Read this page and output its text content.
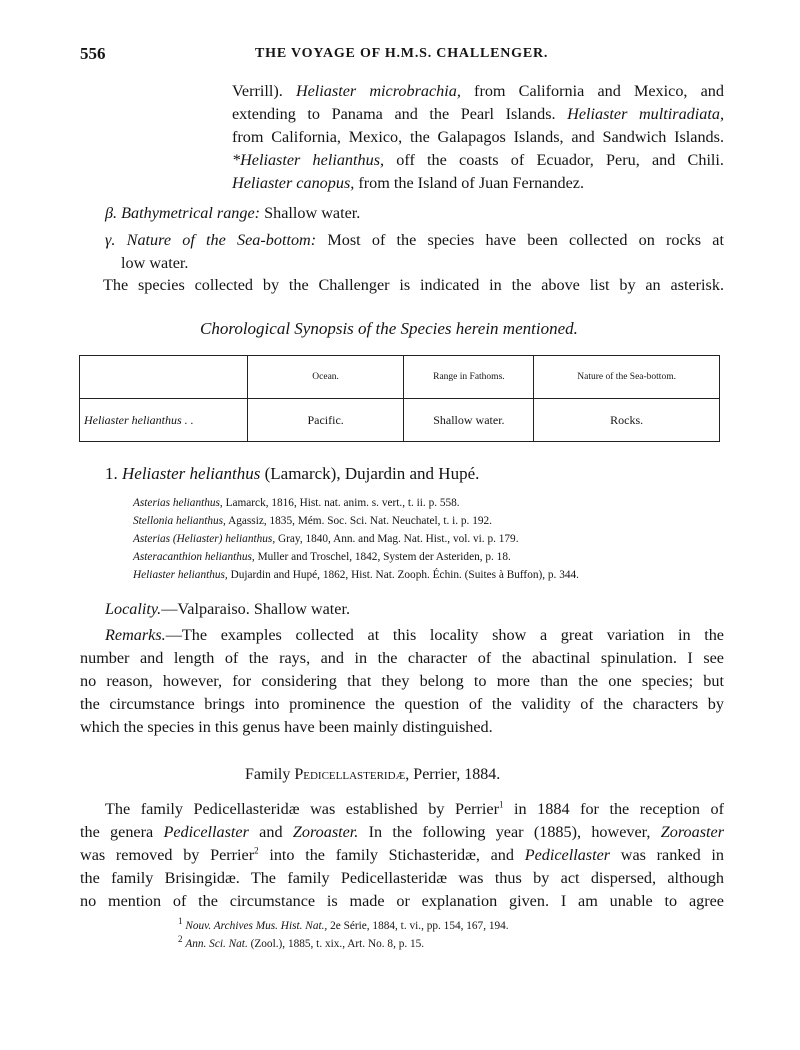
556	THE VOYAGE OF H.M.S. CHALLENGER.
Verrill). Heliaster microbrachia, from California and Mexico, and
extending to Panama and the Pearl Islands. Heliaster multiradiata,
from California, Mexico, the Galapagos Islands, and Sandwich Islands.
*Heliaster helianthus, off the coasts of Ecuador, Peru, and Chili.
Heliaster canopus, from the Island of Juan Fernandez.
β. Bathymetrical range: Shallow water.
γ. Nature of the Sea-bottom: Most of the species have been collected on rocks at
low water.
The species collected by the Challenger is indicated in the above list by an asterisk.
Chorological Synopsis of the Species herein mentioned.
	Ocean.	Range in Fathoms.	Nature of the Sea-bottom.
Heliaster helianthus . .	Pacific.	Shallow water.	Rocks.
1. Heliaster helianthus (Lamarck), Dujardin and Hupé.
Asterias helianthus, Lamarck, 1816, Hist. nat. anim. s. vert., t. ii. p. 558.
Stellonia helianthus, Agassiz, 1835, Mém. Soc. Sci. Nat. Neuchatel, t. i. p. 192.
Asterias (Heliaster) helianthus, Gray, 1840, Ann. and Mag. Nat. Hist., vol. vi. p. 179.
Asteracanthion helianthus, Muller and Troschel, 1842, System der Asteriden, p. 18.
Heliaster helianthus, Dujardin and Hupé, 1862, Hist. Nat. Zooph. Échin. (Suites à Buffon), p. 344.
Locality.—Valparaiso. Shallow water.
Remarks.—The examples collected at this locality show a great variation in the
number and length of the rays, and in the character of the abactinal spinulation. I see
no reason, however, for considering that they belong to more than the one species; but
the circumstance brings into prominence the question of the validity of the characters by
which the species in this genus have been mainly distinguished.
Family Pedicellasteridæ, Perrier, 1884.
The family Pedicellasteridæ was established by Perrier$^1$ in 1884 for the reception of
the genera Pedicellaster and Zoroaster. In the following year (1885), however, Zoroaster
was removed by Perrier$^2$ into the family Stichasteridæ, and Pedicellaster was ranked in
the family Brisingidæ. The family Pedicellasteridæ was thus by act dispersed, although
no mention of the circumstance is made or explanation given. I am unable to agree
$^1$ Nouv. Archives Mus. Hist. Nat., 2e Série, 1884, t. vi., pp. 154, 167, 194.
$^2$ Ann. Sci. Nat. (Zool.), 1885, t. xix., Art. No. 8, p. 15.
